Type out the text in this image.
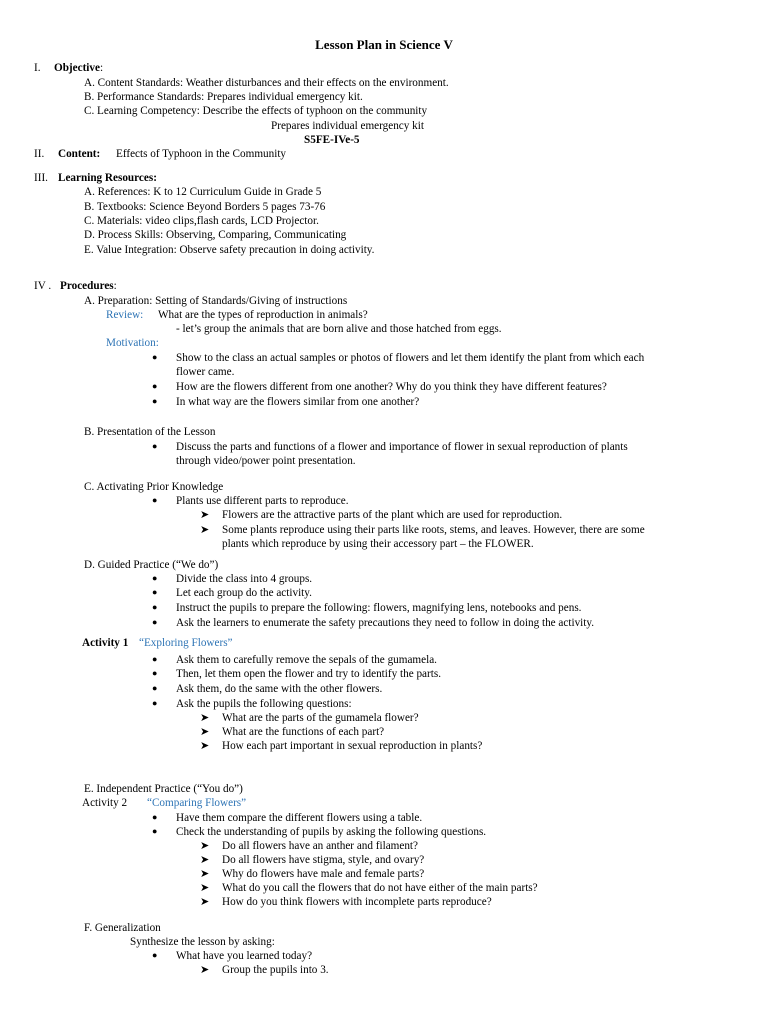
Lesson Plan in Science V
I. Objective:
A. Content Standards: Weather disturbances and their effects on the environment.
B. Performance Standards: Prepares individual emergency kit.
C. Learning Competency: Describe the effects of typhoon on the community
Prepares individual emergency kit
S5FE-IVe-5
II. Content: Effects of Typhoon in the Community
III. Learning Resources:
A. References: K to 12 Curriculum Guide in Grade 5
B. Textbooks: Science Beyond Borders 5 pages 73-76
C. Materials: video clips,flash cards, LCD Projector.
D. Process Skills: Observing, Comparing, Communicating
E. Value Integration: Observe safety precaution in doing activity.
IV . Procedures:
A. Preparation: Setting of Standards/Giving of instructions
Review: What are the types of reproduction in animals?
- let’s group the animals that are born alive and those hatched from eggs.
Motivation:
● Show to the class an actual samples or photos of flowers and let them identify the plant from which each
flower came.
● How are the flowers different from one another? Why do you think they have different features?
● In what way are the flowers similar from one another?
B. Presentation of the Lesson
● Discuss the parts and functions of a flower and importance of flower in sexual reproduction of plants
through video/power point presentation.
C. Activating Prior Knowledge
● Plants use different parts to reproduce.
➤ Flowers are the attractive parts of the plant which are used for reproduction.
➤ Some plants reproduce using their parts like roots, stems, and leaves. However, there are some
plants which reproduce by using their accessory part – the FLOWER.
D. Guided Practice (“We do”)
● Divide the class into 4 groups.
● Let each group do the activity.
● Instruct the pupils to prepare the following: flowers, magnifying lens, notebooks and pens.
● Ask the learners to enumerate the safety precautions they need to follow in doing the activity.
Activity 1 “Exploring Flowers”
● Ask them to carefully remove the sepals of the gumamela.
● Then, let them open the flower and try to identify the parts.
● Ask them, do the same with the other flowers.
● Ask the pupils the following questions:
➤ What are the parts of the gumamela flower?
➤ What are the functions of each part?
➤ How each part important in sexual reproduction in plants?
E. Independent Practice (“You do”)
Activity 2 “Comparing Flowers”
● Have them compare the different flowers using a table.
● Check the understanding of pupils by asking the following questions.
➤ Do all flowers have an anther and filament?
➤ Do all flowers have stigma, style, and ovary?
➤ Why do flowers have male and female parts?
➤ What do you call the flowers that do not have either of the main parts?
➤ How do you think flowers with incomplete parts reproduce?
F. Generalization
Synthesize the lesson by asking:
● What have you learned today?
➤ Group the pupils into 3.
